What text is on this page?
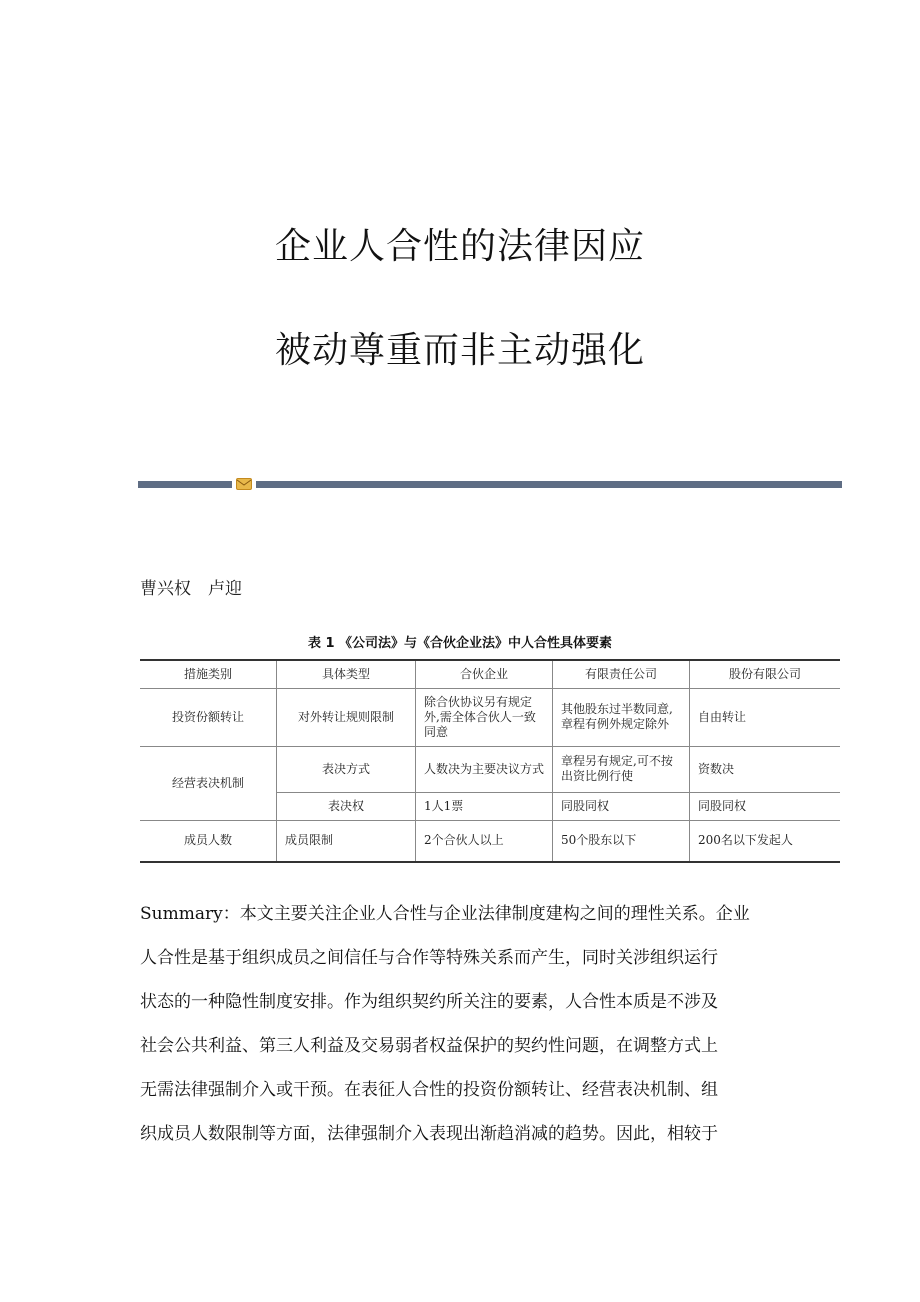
企业人合性的法律因应
被动尊重而非主动强化
曹兴权　卢迎
表 1 《公司法》与《合伙企业法》中人合性具体要素
措施类别	具体类型	合伙企业	有限责任公司	股份有限公司
投资份额转让	对外转让规则限制	除合伙协议另有规定外,需全体合伙人一致同意	其他股东过半数同意,章程有例外规定除外	自由转让
经营表决机制	表决方式	人数决为主要决议方式	章程另有规定,可不按出资比例行使	资数决
	表决权	1人1票	同股同权	同股同权
成员人数	成员限制	2个合伙人以上	50个股东以下	200名以下发起人
Summary：本文主要关注企业人合性与企业法律制度建构之间的理性关系。企业
人合性是基于组织成员之间信任与合作等特殊关系而产生，同时关涉组织运行
状态的一种隐性制度安排。作为组织契约所关注的要素，人合性本质是不涉及
社会公共利益、第三人利益及交易弱者权益保护的契约性问题，在调整方式上
无需法律强制介入或干预。在表征人合性的投资份额转让、经营表决机制、组
织成员人数限制等方面，法律强制介入表现出渐趋消减的趋势。因此，相较于
